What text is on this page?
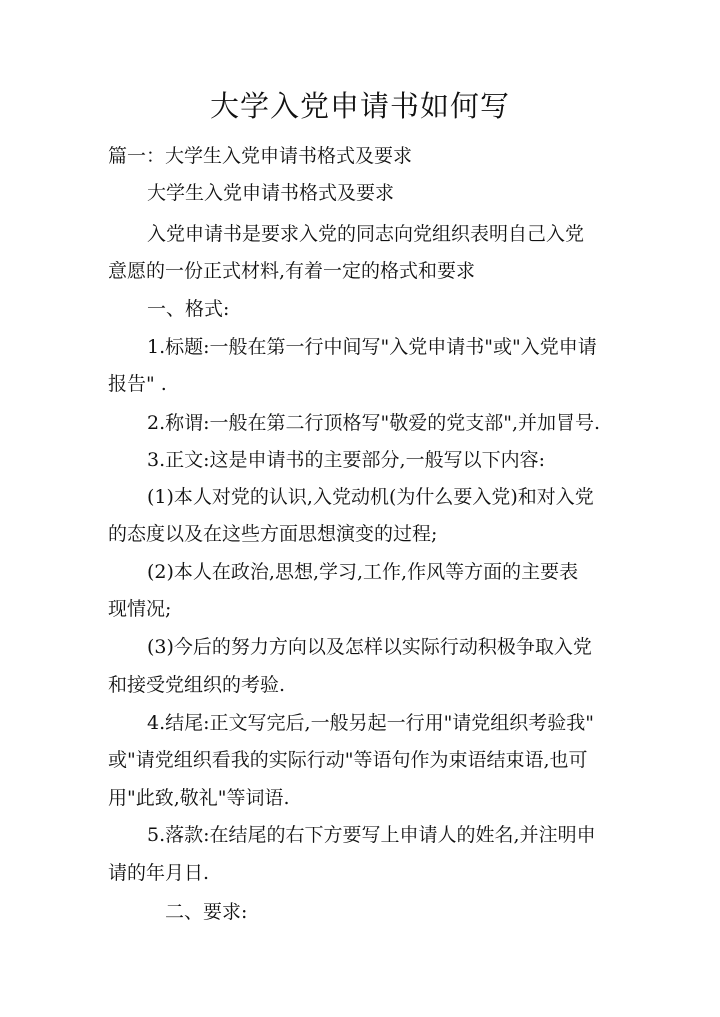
大学入党申请书如何写

篇一：大学生入党申请书格式及要求

大学生入党申请书格式及要求

入党申请书是要求入党的同志向党组织表明自己入党

意愿的一份正式材料,有着一定的格式和要求

一、格式:

1.标题:一般在第一行中间写"入党申请书"或"入党申请

报告" .

2.称谓:一般在第二行顶格写"敬爱的党支部",并加冒号.

3.正文:这是申请书的主要部分,一般写以下内容:

(1)本人对党的认识,入党动机(为什么要入党)和对入党

的态度以及在这些方面思想演变的过程;

(2)本人在政治,思想,学习,工作,作风等方面的主要表

现情况;

(3)今后的努力方向以及怎样以实际行动积极争取入党

和接受党组织的考验.

4.结尾:正文写完后,一般另起一行用"请党组织考验我"

或"请党组织看我的实际行动"等语句作为束语结束语,也可

用"此致,敬礼"等词语.

5.落款:在结尾的右下方要写上申请人的姓名,并注明申

请的年月日.

二、要求:
